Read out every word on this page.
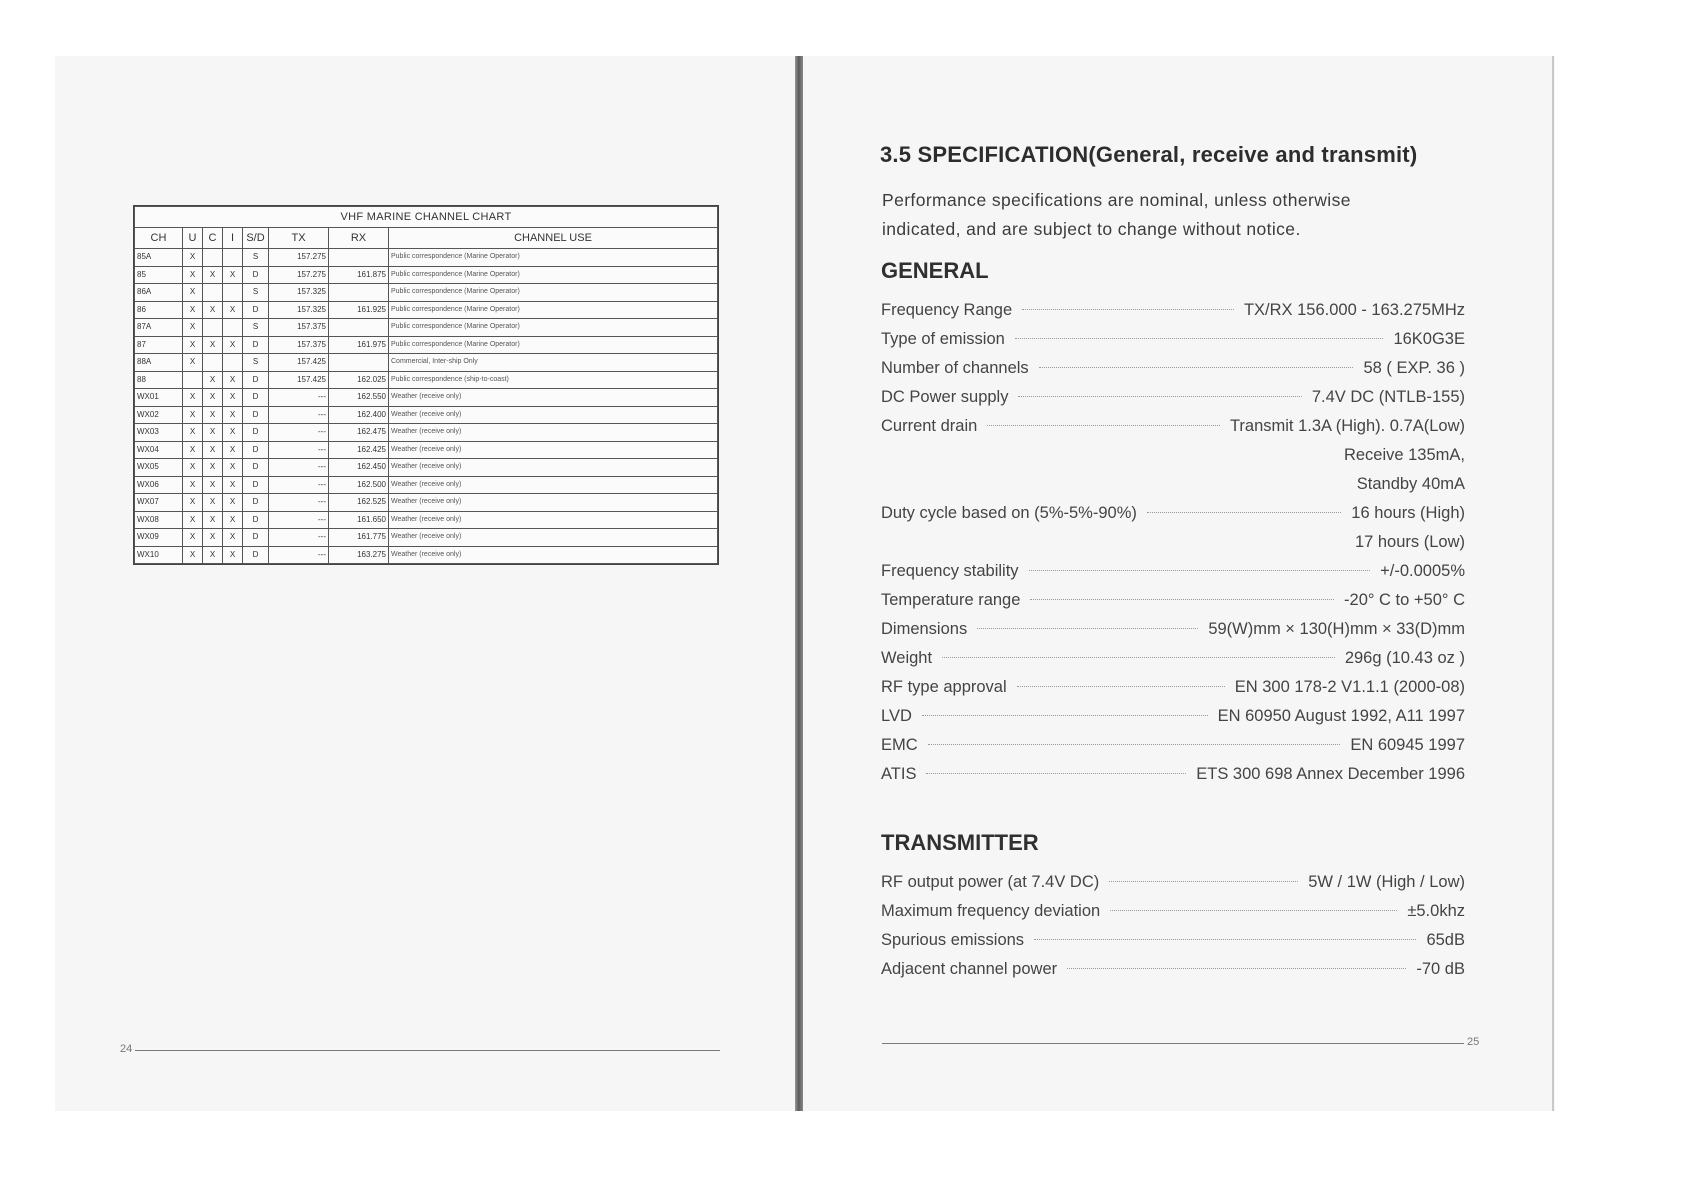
VHF MARINE CHANNEL CHART							
CH	U	C	I	S/D	TX	RX	CHANNEL USE
85A	X			S	157.275		Public correspondence (Marine Operator)
85	X	X	X	D	157.275	161.875	Public correspondence (Marine Operator)
86A	X			S	157.325		Public correspondence (Marine Operator)
86	X	X	X	D	157.325	161.925	Public correspondence (Marine Operator)
87A	X			S	157.375		Public correspondence (Marine Operator)
87	X	X	X	D	157.375	161.975	Public correspondence (Marine Operator)
88A	X			S	157.425		Commercial, Inter-ship Only
88		X	X	D	157.425	162.025	Public correspondence (ship-to-coast)
WX01	X	X	X	D	---	162.550	Weather (receive only)
WX02	X	X	X	D	---	162.400	Weather (receive only)
WX03	X	X	X	D	---	162.475	Weather (receive only)
WX04	X	X	X	D	---	162.425	Weather (receive only)
WX05	X	X	X	D	---	162.450	Weather (receive only)
WX06	X	X	X	D	---	162.500	Weather (receive only)
WX07	X	X	X	D	---	162.525	Weather (receive only)
WX08	X	X	X	D	---	161.650	Weather (receive only)
WX09	X	X	X	D	---	161.775	Weather (receive only)
WX10	X	X	X	D	---	163.275	Weather (receive only)
24
3.5 SPECIFICATION(General, receive and transmit)
Performance specifications are nominal, unless otherwise
indicated, and are subject to change without notice.
GENERAL
Frequency Range	TX/RX 156.000 - 163.275MHz
Type of emission	16K0G3E
Number of channels	58 ( EXP. 36 )
DC Power supply	7.4V DC (NTLB-155)
Current drain	Transmit 1.3A (High). 0.7A(Low)
Receive 135mA,
Standby 40mA
Duty cycle based on (5%-5%-90%)	16 hours (High)
17 hours (Low)
Frequency stability	+/-0.0005%
Temperature range	-20° C to +50° C
Dimensions	59(W)mm × 130(H)mm × 33(D)mm
Weight	296g (10.43 oz )
RF type approval	EN 300 178-2 V1.1.1 (2000-08)
LVD	EN 60950 August 1992, A11 1997
EMC	EN 60945 1997
ATIS	ETS 300 698 Annex December 1996
TRANSMITTER
RF output power (at 7.4V DC)	5W / 1W (High / Low)
Maximum frequency deviation	±5.0khz
Spurious emissions	65dB
Adjacent channel power	-70 dB
25
